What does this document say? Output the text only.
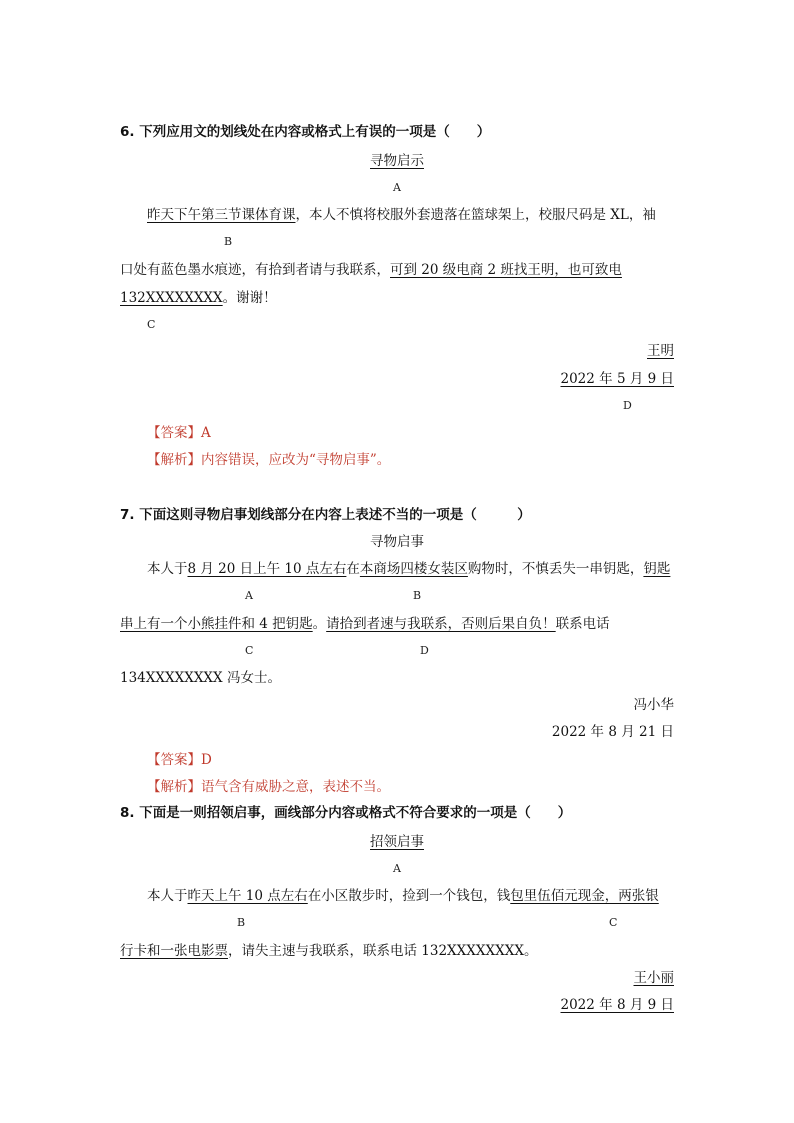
6. 下列应用文的划线处在内容或格式上有误的一项是（　　）
寻物启示
A
昨天下午第三节课体育课，本人不慎将校服外套遗落在篮球架上，校服尺码是 XL，袖
B
口处有蓝色墨水痕迹，有拾到者请与我联系，可到 20 级电商 2 班找王明，也可致电
132XXXXXXXX。谢谢！
C
王明
2022 年 5 月 9 日
D
【答案】A
【解析】内容错误，应改为“寻物启事”。
7. 下面这则寻物启事划线部分在内容上表述不当的一项是（　　　）
寻物启事
本人于8 月 20 日上午 10 点左右在本商场四楼女装区购物时，不慎丢失一串钥匙，钥匙
A	B
串上有一个小熊挂件和 4 把钥匙。请拾到者速与我联系，否则后果自负！联系电话
C	D
134XXXXXXXX 冯女士。
冯小华
2022 年 8 月 21 日
【答案】D
【解析】语气含有威胁之意，表述不当。
8. 下面是一则招领启事，画线部分内容或格式不符合要求的一项是（　　）
招领启事
A
本人于昨天上午 10 点左右在小区散步时，捡到一个钱包，钱包里伍佰元现金，两张银
B	C
行卡和一张电影票，请失主速与我联系，联系电话 132XXXXXXXX。
王小丽
2022 年 8 月 9 日
